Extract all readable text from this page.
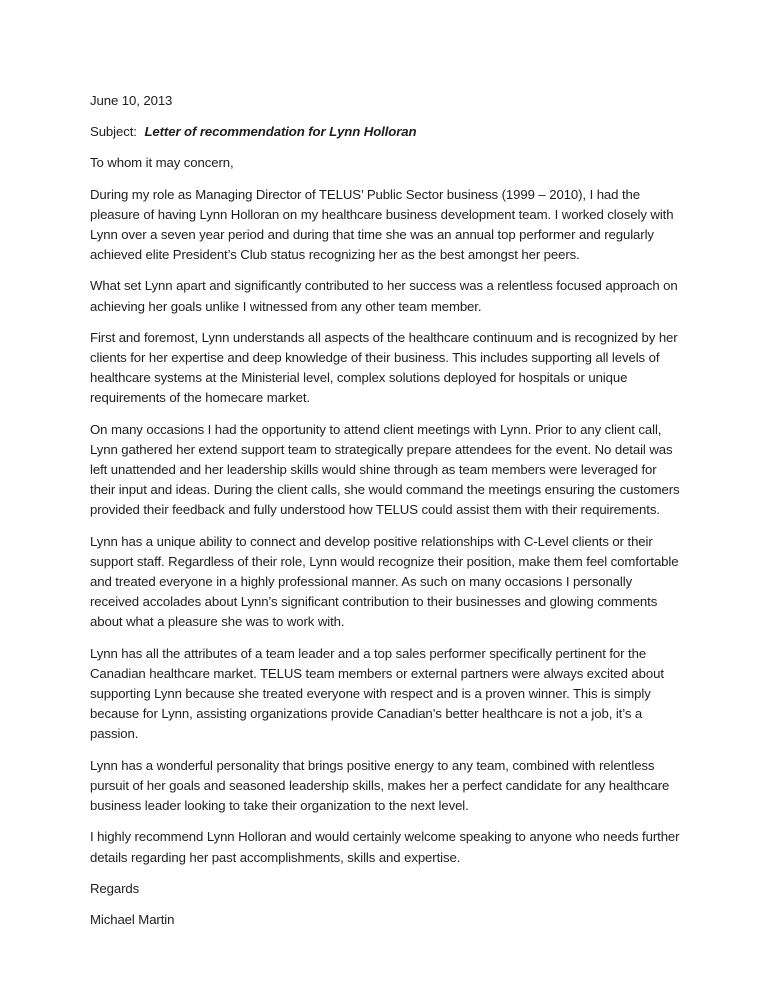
June 10, 2013

Subject: Letter of recommendation for Lynn Holloran

To whom it may concern,

During my role as Managing Director of TELUS’ Public Sector business (1999 – 2010), I had the pleasure of having Lynn Holloran on my healthcare business development team. I worked closely with Lynn over a seven year period and during that time she was an annual top performer and regularly achieved elite President’s Club status recognizing her as the best amongst her peers.

What set Lynn apart and significantly contributed to her success was a relentless focused approach on achieving her goals unlike I witnessed from any other team member.

First and foremost, Lynn understands all aspects of the healthcare continuum and is recognized by her clients for her expertise and deep knowledge of their business. This includes supporting all levels of healthcare systems at the Ministerial level, complex solutions deployed for hospitals or unique requirements of the homecare market.

On many occasions I had the opportunity to attend client meetings with Lynn. Prior to any client call, Lynn gathered her extend support team to strategically prepare attendees for the event. No detail was left unattended and her leadership skills would shine through as team members were leveraged for their input and ideas. During the client calls, she would command the meetings ensuring the customers provided their feedback and fully understood how TELUS could assist them with their requirements.

Lynn has a unique ability to connect and develop positive relationships with C-Level clients or their support staff. Regardless of their role, Lynn would recognize their position, make them feel comfortable and treated everyone in a highly professional manner. As such on many occasions I personally received accolades about Lynn’s significant contribution to their businesses and glowing comments about what a pleasure she was to work with.

Lynn has all the attributes of a team leader and a top sales performer specifically pertinent for the Canadian healthcare market. TELUS team members or external partners were always excited about supporting Lynn because she treated everyone with respect and is a proven winner. This is simply because for Lynn, assisting organizations provide Canadian’s better healthcare is not a job, it’s a passion.

Lynn has a wonderful personality that brings positive energy to any team, combined with relentless pursuit of her goals and seasoned leadership skills, makes her a perfect candidate for any healthcare business leader looking to take their organization to the next level.

I highly recommend Lynn Holloran and would certainly welcome speaking to anyone who needs further details regarding her past accomplishments, skills and expertise.

Regards

Michael Martin
